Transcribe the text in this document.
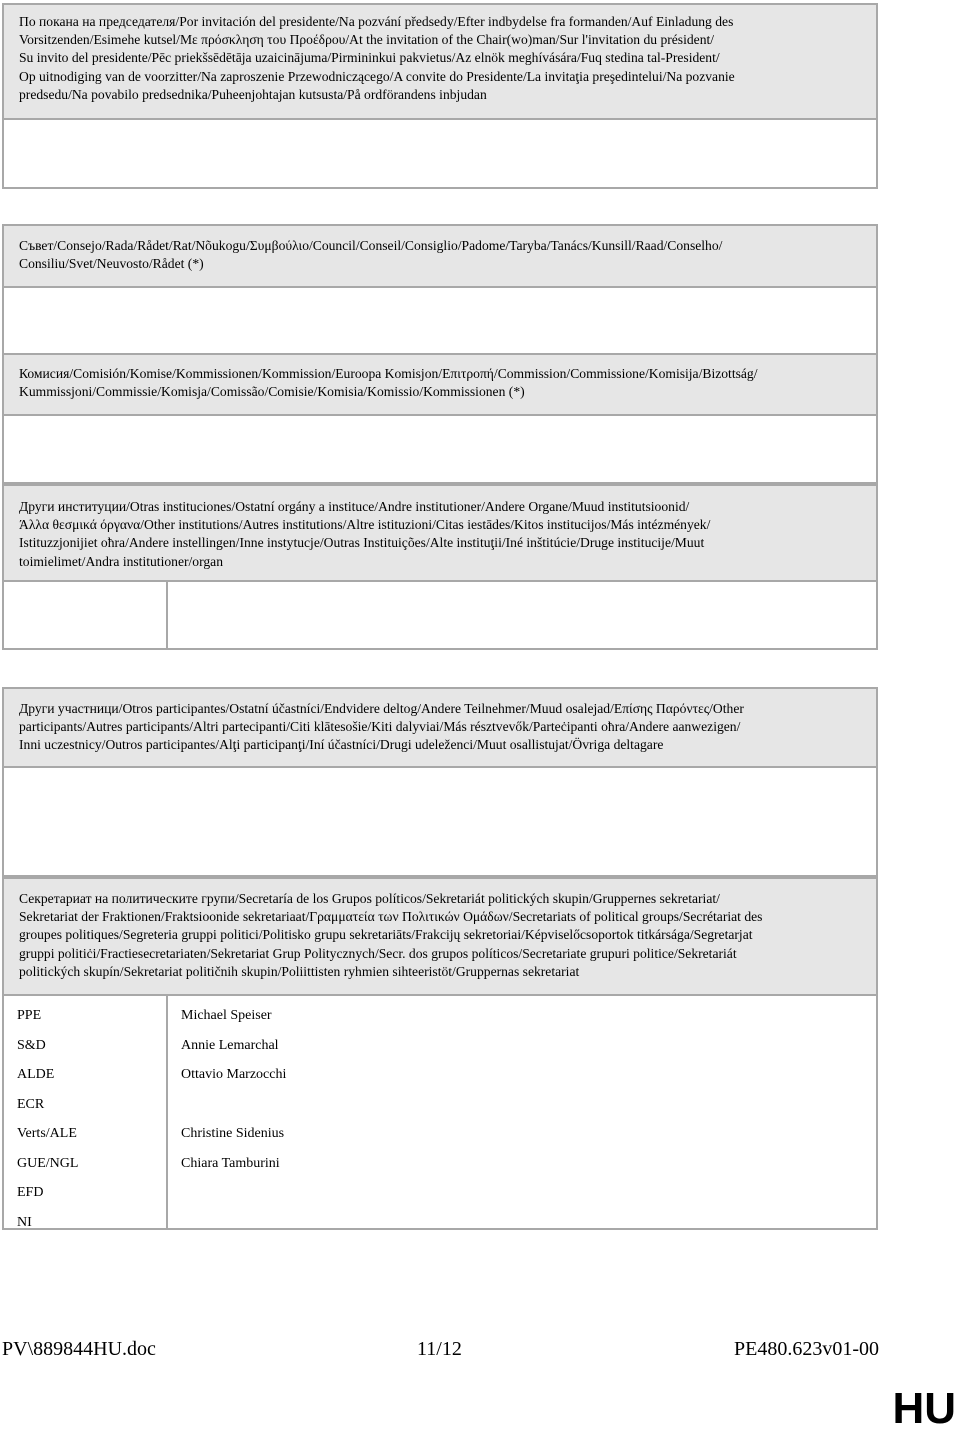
По покана на председателя/Por invitación del presidente/Na pozvání předsedy/Efter indbydelse fra formanden/Auf Einladung des

Vorsitzenden/Esimehe kutsel/Με πρόσκληση του Προέδρου/At the invitation of the Chair(wo)man/Sur l'invitation du président/

Su invito del presidente/Pēc priekšsēdētāja uzaicinājuma/Pirmininkui pakvietus/Az elnök meghívására/Fuq stedina tal-President/

Op uitnodiging van de voorzitter/Na zaproszenie Przewodniczącego/A convite do Presidente/La invitaţia preşedintelui/Na pozvanie

predsedu/Na povabilo predsednika/Puheenjohtajan kutsusta/På ordförandens inbjudan

Съвет/Consejo/Rada/Rådet/Rat/Nõukogu/Συμβούλιο/Council/Conseil/Consiglio/Padome/Taryba/Tanács/Kunsill/Raad/Conselho/

Consiliu/Svet/Neuvosto/Rådet (*)

Комисия/Comisión/Komise/Kommissionen/Kommission/Euroopa Komisjon/Επιτροπή/Commission/Commissione/Komisija/Bizottság/

Kummissjoni/Commissie/Komisja/Comissão/Comisie/Komisia/Komissio/Kommissionen (*)

Други институции/Otras instituciones/Ostatní orgány a instituce/Andre institutioner/Andere Organe/Muud institutsioonid/

Άλλα θεσμικά όργανα/Other institutions/Autres institutions/Altre istituzioni/Citas iestādes/Kitos institucijos/Más intézmények/

Istituzzjonijiet oħra/Andere instellingen/Inne instytucje/Outras Instituições/Alte instituţii/Iné inštitúcie/Druge institucije/Muut

toimielimet/Andra institutioner/organ

Други участници/Otros participantes/Ostatní účastníci/Endvidere deltog/Andere Teilnehmer/Muud osalejad/Επίσης Παρόντες/Other

participants/Autres participants/Altri partecipanti/Citi klātesošie/Kiti dalyviai/Más résztvevők/Parteċipanti oħra/Andere aanwezigen/

Inni uczestnicy/Outros participantes/Alţi participanţi/Iní účastníci/Drugi udeleženci/Muut osallistujat/Övriga deltagare

Секретариат на политическите групи/Secretaría de los Grupos políticos/Sekretariát politických skupin/Gruppernes sekretariat/

Sekretariat der Fraktionen/Fraktsioonide sekretariaat/Γραμματεία των Πολιτικών Ομάδων/Secretariats of political groups/Secrétariat des

groupes politiques/Segreteria gruppi politici/Politisko grupu sekretariāts/Frakcijų sekretoriai/Képviselőcsoportok titkársága/Segretarjat

gruppi politiċi/Fractiesecretariaten/Sekretariat Grup Politycznych/Secr. dos grupos políticos/Secretariate grupuri politice/Sekretariát

politických skupín/Sekretariat političnih skupin/Poliittisten ryhmien sihteeristöt/Gruppernas sekretariat

PPE
S&D
ALDE
ECR
Verts/ALE
GUE/NGL
EFD
NI
Michael Speiser
Annie Lemarchal
Ottavio Marzocchi
Christine Sidenius
Chiara Tamburini
PV\889844HU.doc	11/12	PE480.623v01-00
HU
